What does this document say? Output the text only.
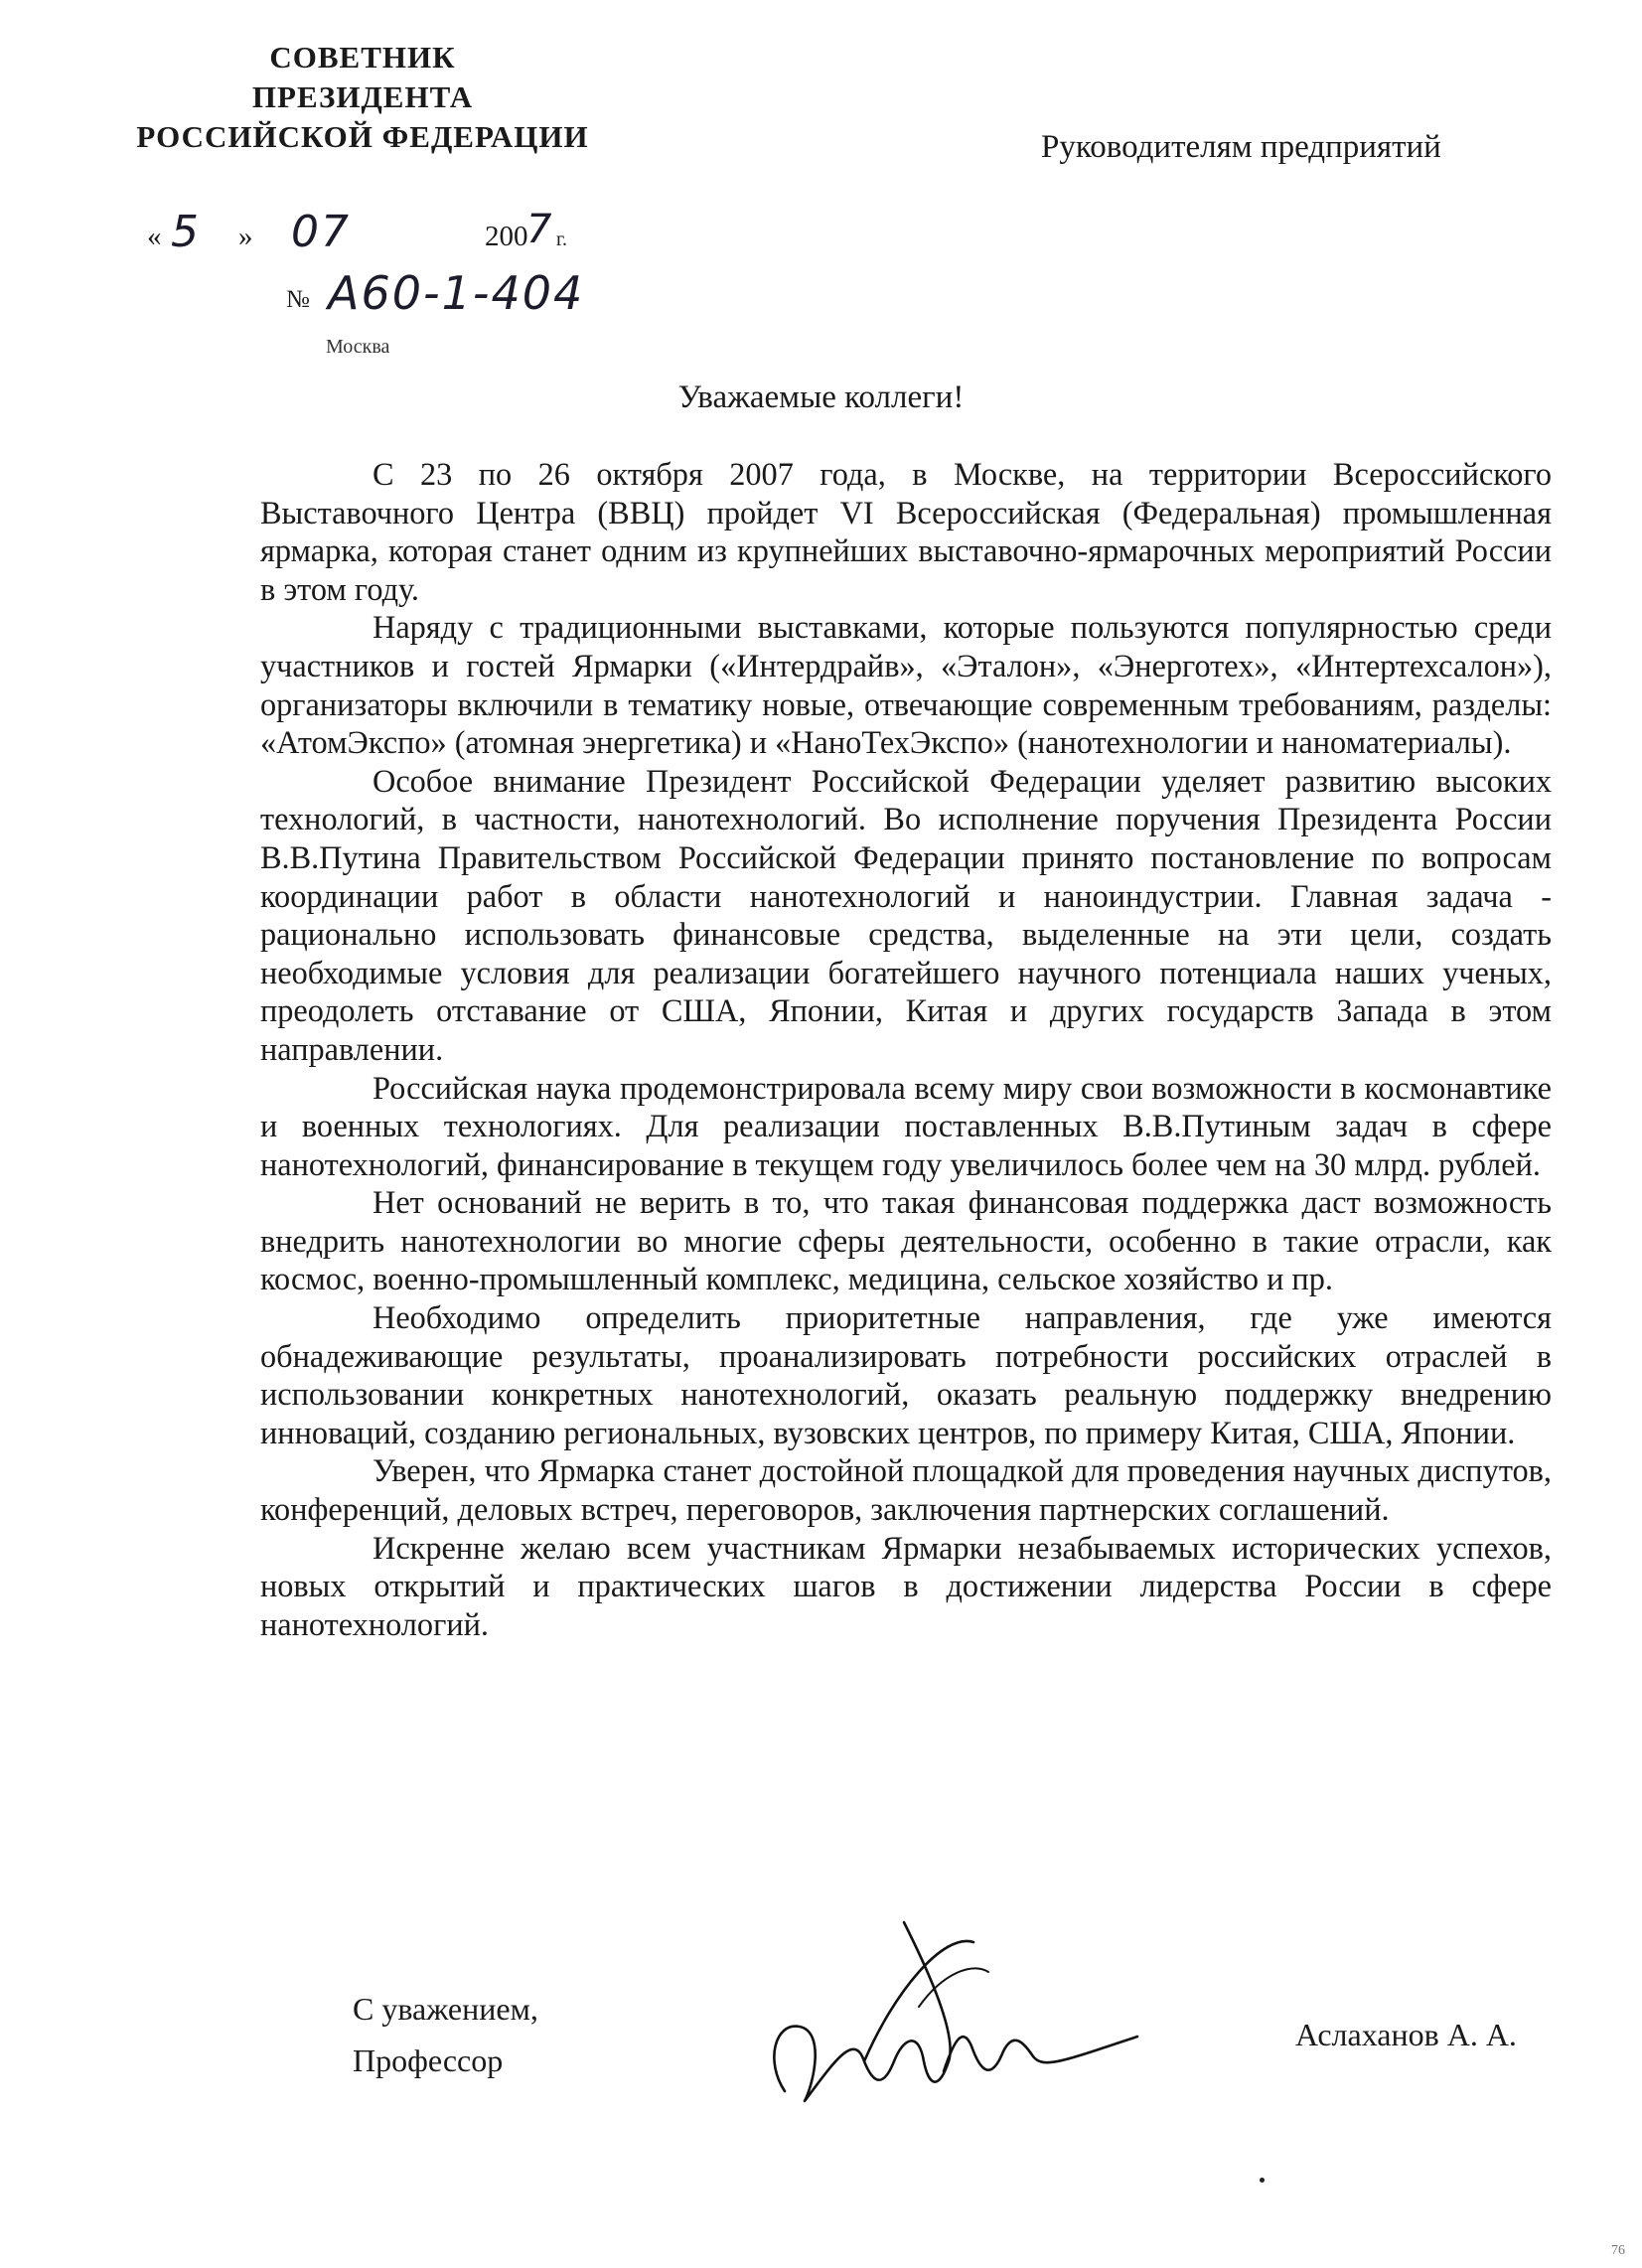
СОВЕТНИК
ПРЕЗИДЕНТА
РОССИЙСКОЙ ФЕДЕРАЦИИ	Руководителям предприятий
« 5 » 07	200
7 г.
№ А60-1-404
Москва
Уважаемые коллеги!

С 23 по 26 октября 2007 года, в Москве, на территории Всероссийского Выставочного Центра (ВВЦ) пройдет VI Всероссийская (Федеральная) промышленная ярмарка, которая станет одним из крупнейших выставочно-ярмарочных мероприятий России в этом году.

Наряду с традиционными выставками, которые пользуются популярностью среди участников и гостей Ярмарки («Интердрайв», «Эталон», «Энерготех», «Интертехсалон»), организаторы включили в тематику новые, отвечающие современным требованиям, разделы: «АтомЭкспо» (атомная энергетика) и «НаноТехЭкспо» (нанотехнологии и наноматериалы).

Особое внимание Президент Российской Федерации уделяет развитию высоких технологий, в частности, нанотехнологий. Во исполнение поручения Президента России В.В.Путина Правительством Российской Федерации принято постановление по вопросам координации работ в области нанотехнологий и наноиндустрии. Главная задача - рационально использовать финансовые средства, выделенные на эти цели, создать необходимые условия для реализации богатейшего научного потенциала наших ученых, преодолеть отставание от США, Японии, Китая и других государств Запада в этом направлении.

Российская наука продемонстрировала всему миру свои возможности в космонавтике и военных технологиях. Для реализации поставленных В.В.Путиным задач в сфере нанотехнологий, финансирование в текущем году увеличилось более чем на 30 млрд. рублей.

Нет оснований не верить в то, что такая финансовая поддержка даст возможность внедрить нанотехнологии во многие сферы деятельности, особенно в такие отрасли, как космос, военно-промышленный комплекс, медицина, сельское хозяйство и пр.

Необходимо определить приоритетные направления, где уже имеются обнадеживающие результаты, проанализировать потребности российских отраслей в использовании конкретных нанотехнологий, оказать реальную поддержку внедрению инноваций, созданию региональных, вузовских центров, по примеру Китая, США, Японии.

Уверен, что Ярмарка станет достойной площадкой для проведения научных диспутов, конференций, деловых встреч, переговоров, заключения партнерских соглашений.

Искренне желаю всем участникам Ярмарки незабываемых исторических успехов, новых открытий и практических шагов в достижении лидерства России в сфере нанотехнологий.

С уважением,
Профессор
Аслаханов А. А.
76
